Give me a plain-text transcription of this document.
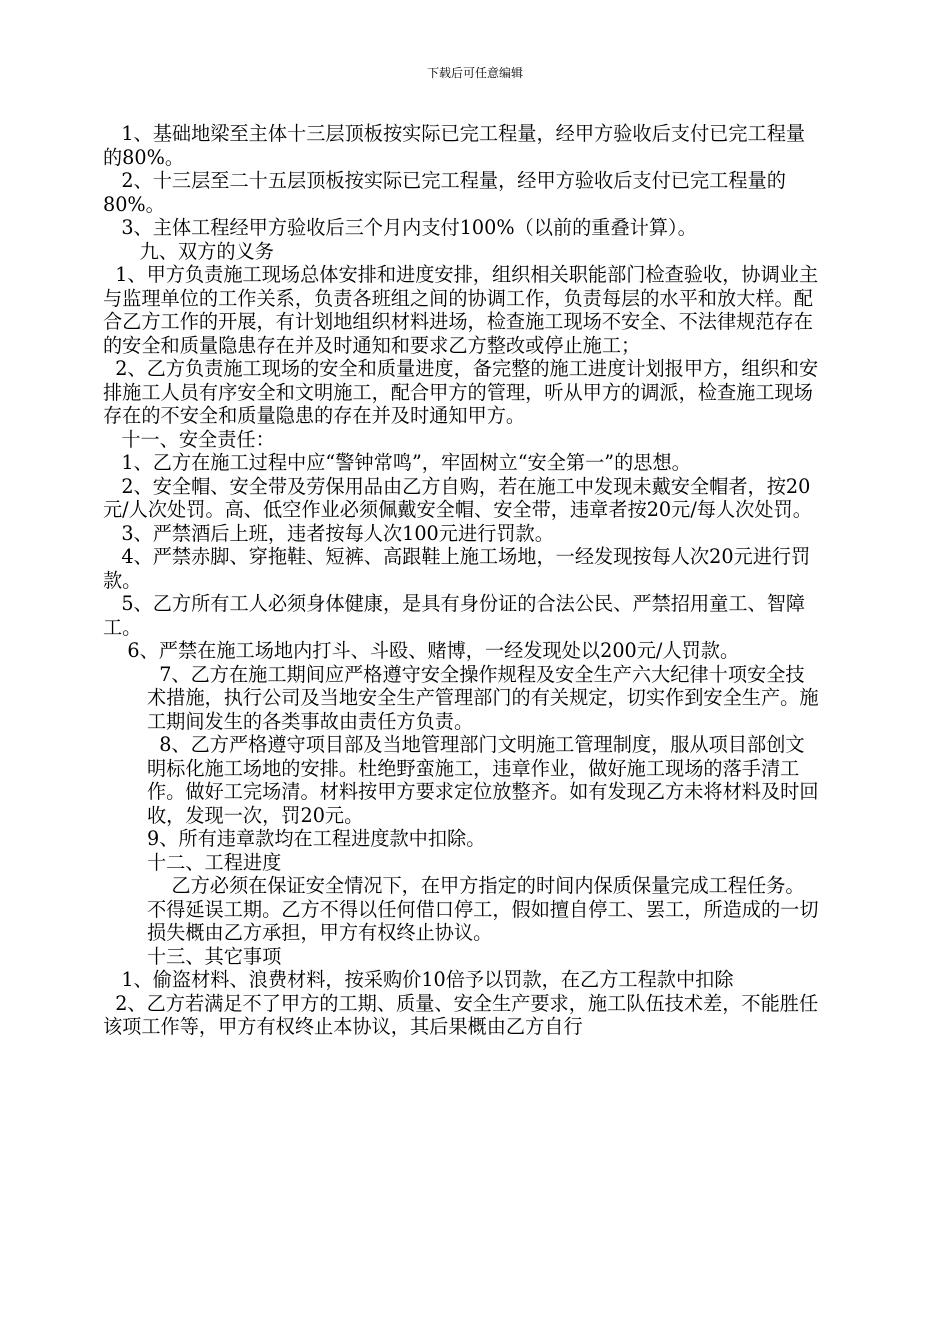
下载后可任意编辑

1、基础地梁至主体十三层顶板按实际已完工程量，经甲方验收后支付已完工程量的80%。

2、十三层至二十五层顶板按实际已完工程量，经甲方验收后支付已完工程量的80%。

3、主体工程经甲方验收后三个月内支付100%（以前的重叠计算）。

九、双方的义务

1、甲方负责施工现场总体安排和进度安排，组织相关职能部门检查验收，协调业主与监理单位的工作关系，负责各班组之间的协调工作，负责每层的水平和放大样。配合乙方工作的开展，有计划地组织材料进场，检查施工现场不安全、不法律规范存在的安全和质量隐患存在并及时通知和要求乙方整改或停止施工；

2、乙方负责施工现场的安全和质量进度，备完整的施工进度计划报甲方，组织和安排施工人员有序安全和文明施工，配合甲方的管理，听从甲方的调派，检查施工现场存在的不安全和质量隐患的存在并及时通知甲方。

十一、安全责任：

1、乙方在施工过程中应“警钟常鸣”，牢固树立“安全第一”的思想。

2、安全帽、安全带及劳保用品由乙方自购，若在施工中发现未戴安全帽者，按20元/人次处罚。高、低空作业必须佩戴安全帽、安全带，违章者按20元/每人次处罚。

3、严禁酒后上班，违者按每人次100元进行罚款。

4、严禁赤脚、穿拖鞋、短裤、高跟鞋上施工场地，一经发现按每人次20元进行罚款。

5、乙方所有工人必须身体健康，是具有身份证的合法公民、严禁招用童工、智障工。

6、严禁在施工场地内打斗、斗殴、赌博，一经发现处以200元/人罚款。

7、乙方在施工期间应严格遵守安全操作规程及安全生产六大纪律十项安全技术措施，执行公司及当地安全生产管理部门的有关规定，切实作到安全生产。施工期间发生的各类事故由责任方负责。

8、乙方严格遵守项目部及当地管理部门文明施工管理制度，服从项目部创文明标化施工场地的安排。杜绝野蛮施工，违章作业，做好施工现场的落手清工作。做好工完场清。材料按甲方要求定位放整齐。如有发现乙方未将材料及时回收，发现一次，罚20元。

9、所有违章款均在工程进度款中扣除。

十二、工程进度

乙方必须在保证安全情况下，在甲方指定的时间内保质保量完成工程任务。不得延误工期。乙方不得以任何借口停工，假如擅自停工、罢工，所造成的一切损失概由乙方承担，甲方有权终止协议。

十三、其它事项

1、偷盗材料、浪费材料，按采购价10倍予以罚款，在乙方工程款中扣除

2、乙方若满足不了甲方的工期、质量、安全生产要求，施工队伍技术差，不能胜任该项工作等，甲方有权终止本协议，其后果概由乙方自行
